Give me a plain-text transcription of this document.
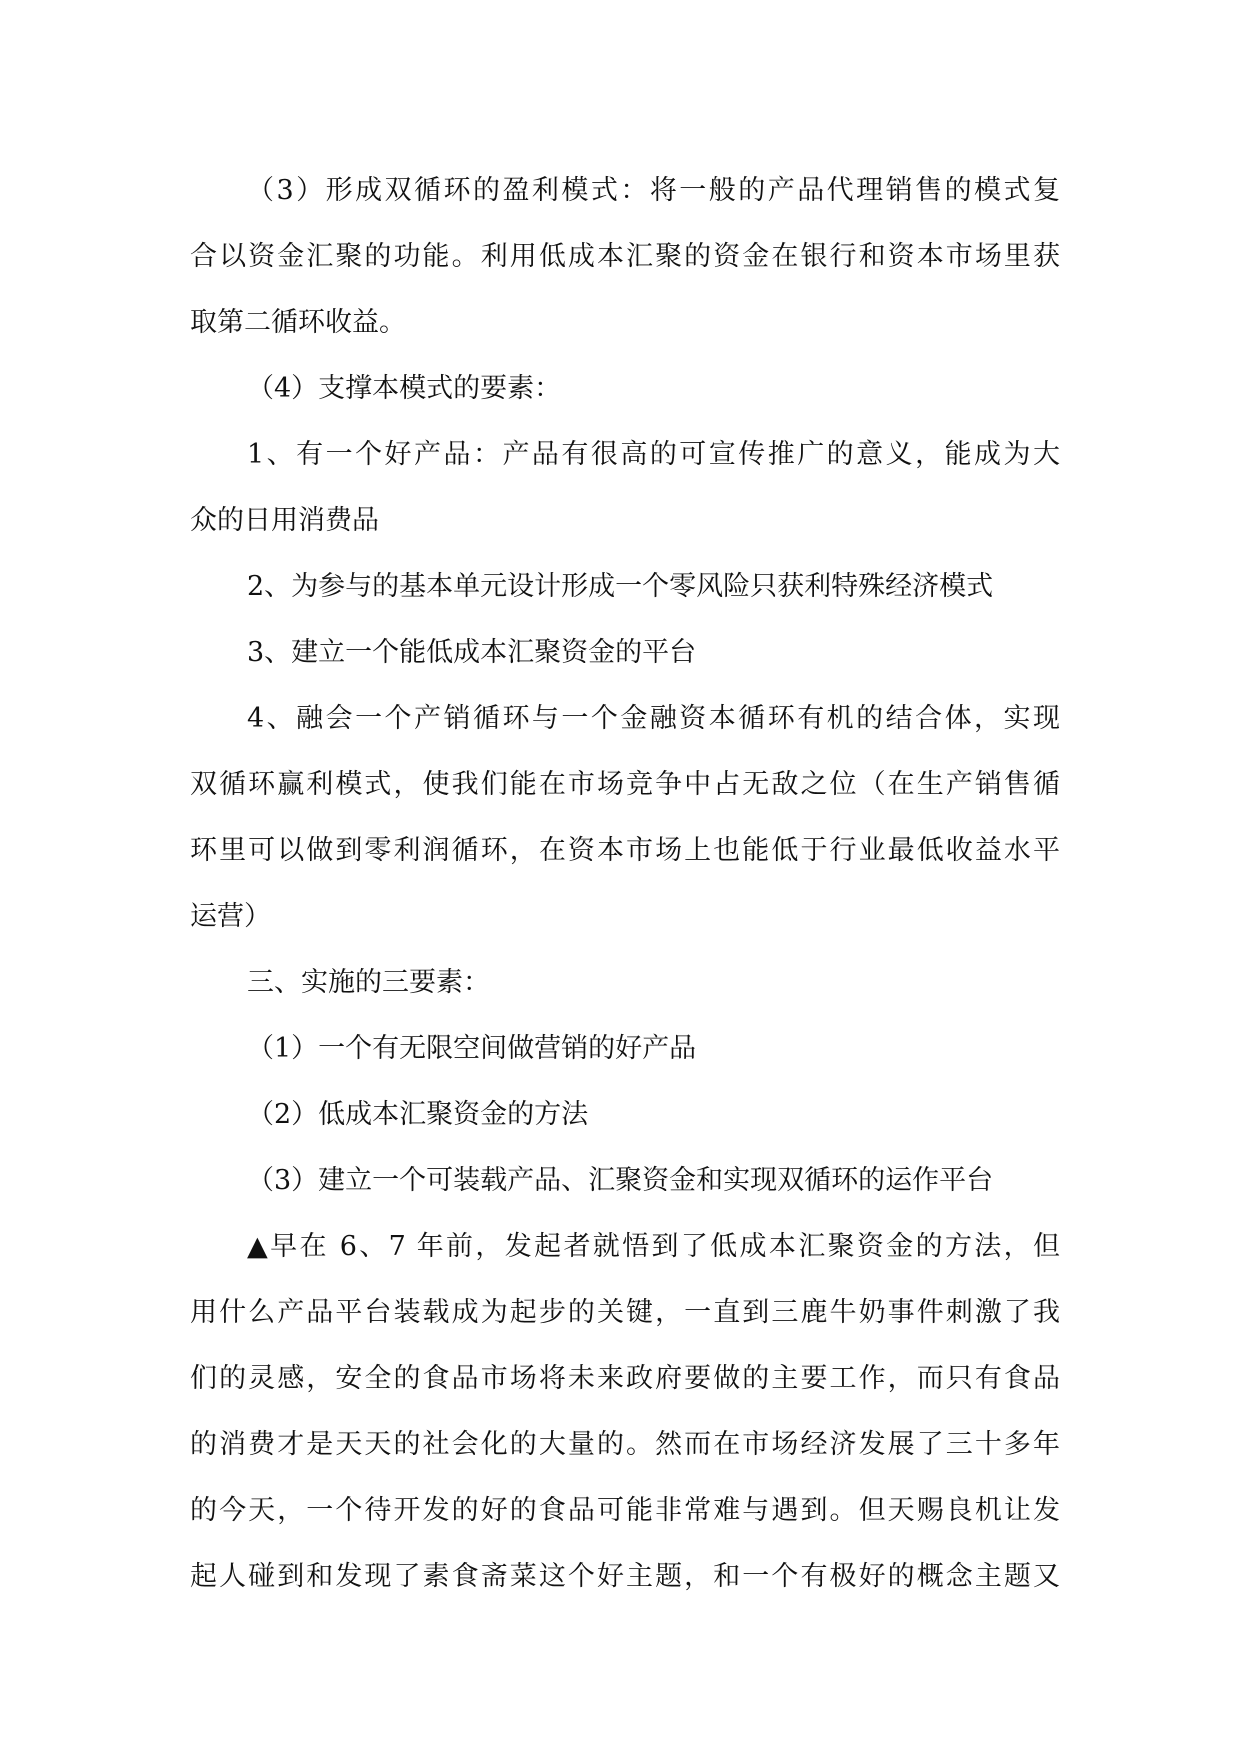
（3）形成双循环的盈利模式：将一般的产品代理销售的模式复
合以资金汇聚的功能。利用低成本汇聚的资金在银行和资本市场里获
取第二循环收益。
（4）支撑本模式的要素：
1、有一个好产品：产品有很高的可宣传推广的意义，能成为大
众的日用消费品
2、为参与的基本单元设计形成一个零风险只获利特殊经济模式
3、建立一个能低成本汇聚资金的平台
4、融会一个产销循环与一个金融资本循环有机的结合体，实现
双循环赢利模式，使我们能在市场竞争中占无敌之位（在生产销售循
环里可以做到零利润循环，在资本市场上也能低于行业最低收益水平
运营）
三、实施的三要素：
（1）一个有无限空间做营销的好产品
（2）低成本汇聚资金的方法
（3）建立一个可装载产品、汇聚资金和实现双循环的运作平台
▲早在 6、7 年前，发起者就悟到了低成本汇聚资金的方法，但
用什么产品平台装载成为起步的关键，一直到三鹿牛奶事件刺激了我
们的灵感，安全的食品市场将未来政府要做的主要工作，而只有食品
的消费才是天天的社会化的大量的。然而在市场经济发展了三十多年
的今天，一个待开发的好的食品可能非常难与遇到。但天赐良机让发
起人碰到和发现了素食斋菜这个好主题，和一个有极好的概念主题又
